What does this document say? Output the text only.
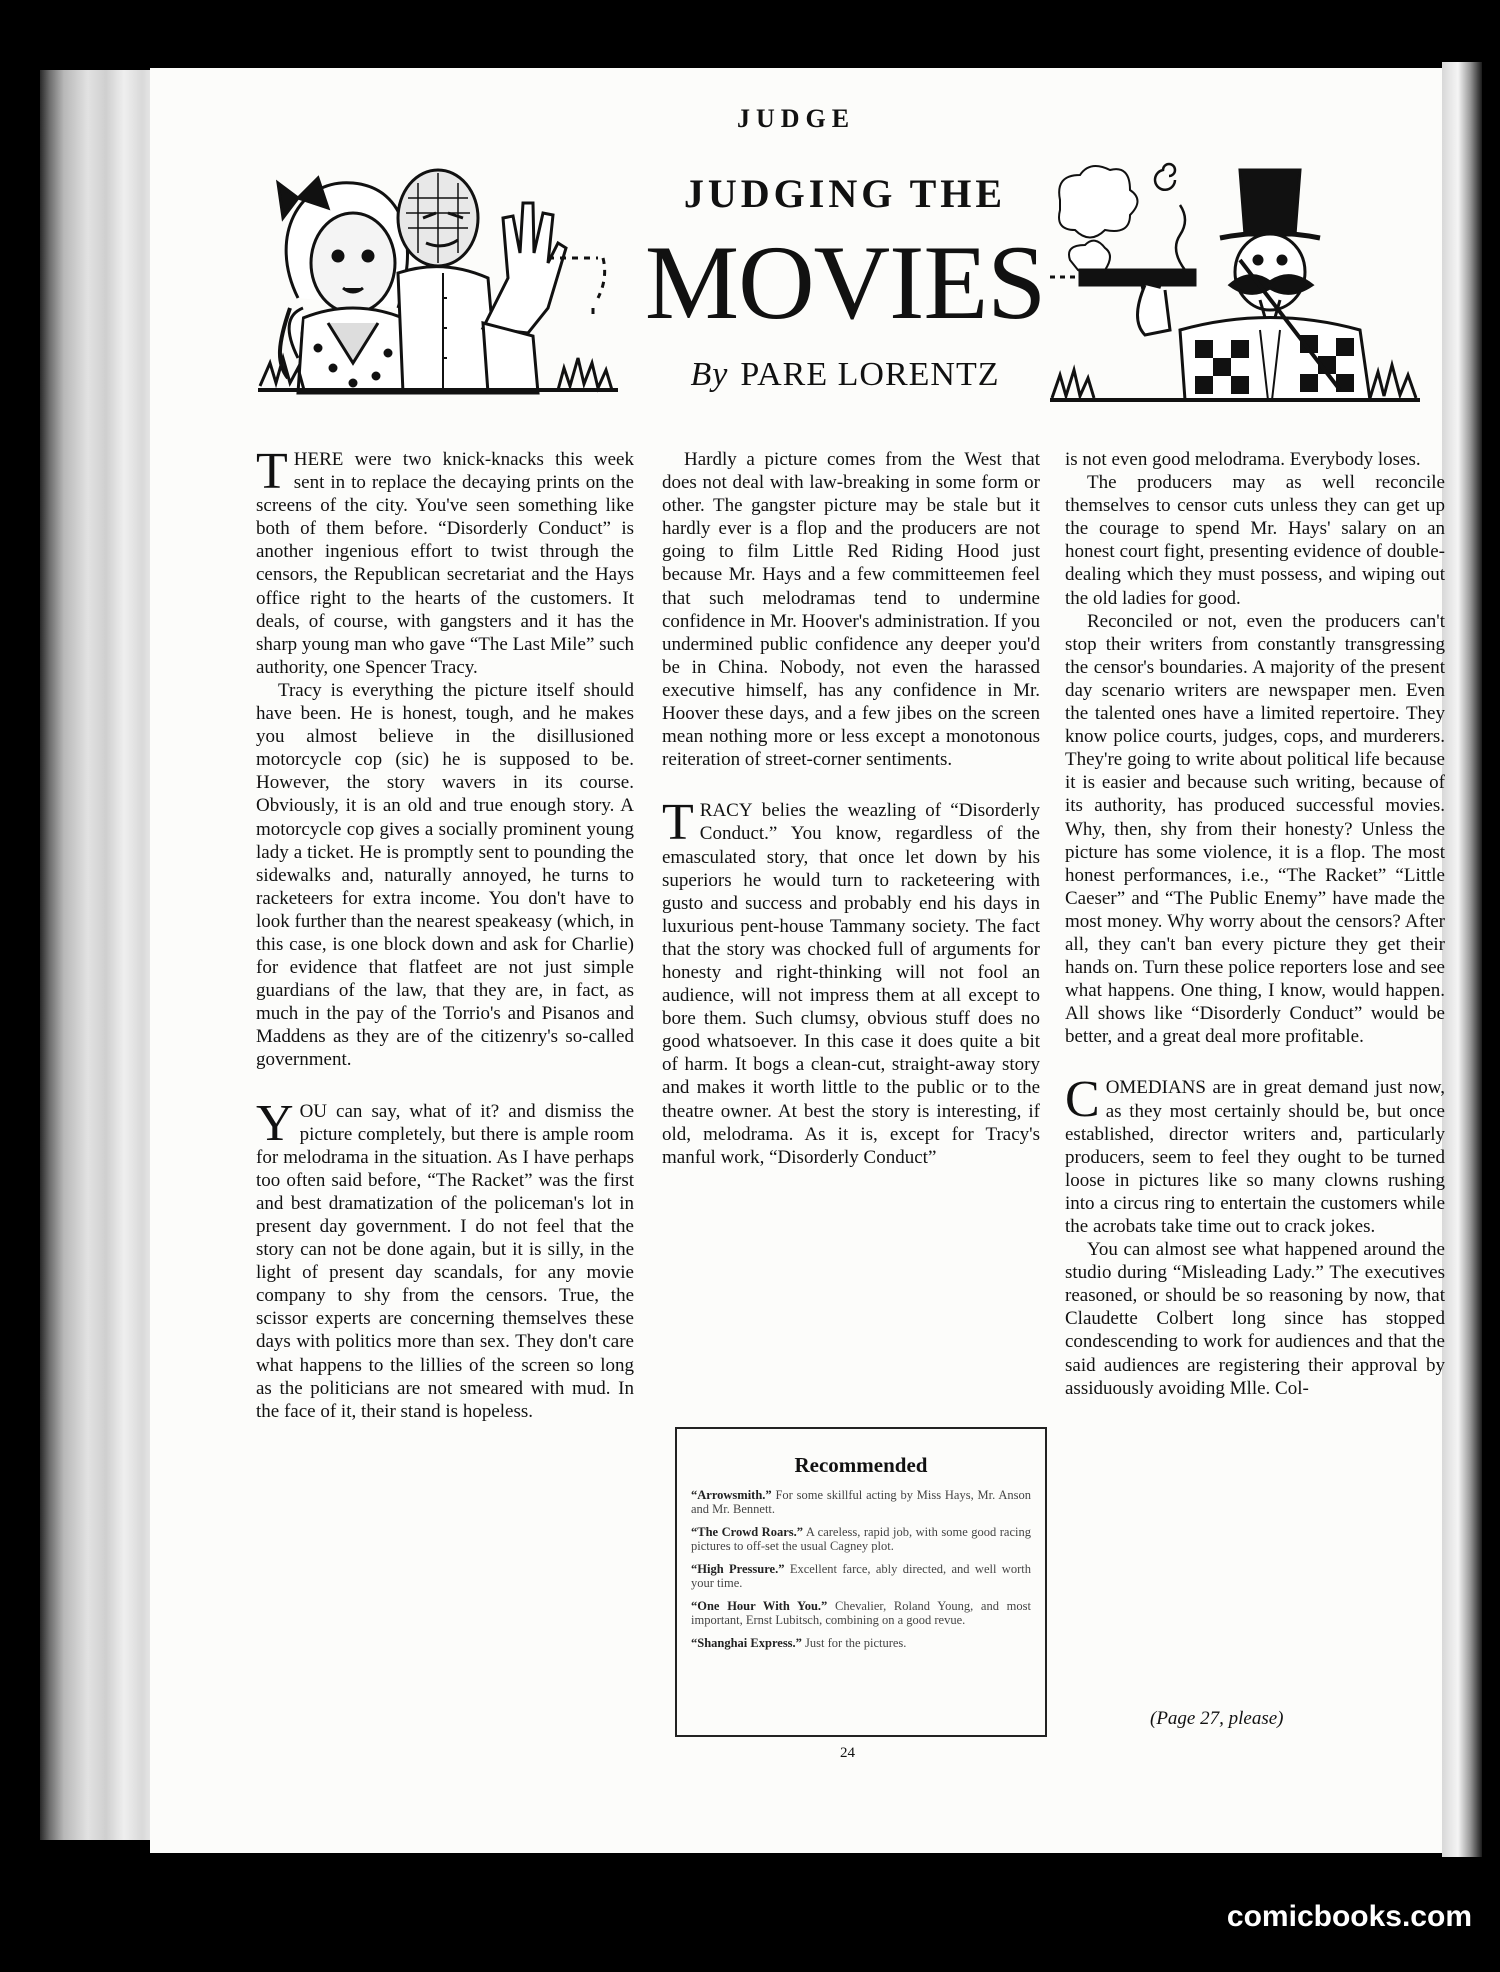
JUDGE
JUDGING THE
MOVIES
By PARE LORENTZ

THERE were two knick-knacks this week sent in to replace the decaying prints on the screens of the city. You've seen something like both of them before. “Disorderly Conduct” is another ingenious effort to twist through the censors, the Republican secretariat and the Hays office right to the hearts of the customers. It deals, of course, with gangsters and it has the sharp young man who gave “The Last Mile” such authority, one Spencer Tracy.

Tracy is everything the picture itself should have been. He is honest, tough, and he makes you almost believe in the disillusioned motorcycle cop (sic) he is supposed to be. However, the story wavers in its course. Obviously, it is an old and true enough story. A motorcycle cop gives a socially prominent young lady a ticket. He is promptly sent to pounding the sidewalks and, naturally annoyed, he turns to racketeers for extra income. You don't have to look further than the nearest speakeasy (which, in this case, is one block down and ask for Charlie) for evidence that flatfeet are not just simple guardians of the law, that they are, in fact, as much in the pay of the Torrio's and Pisanos and Maddens as they are of the citizenry's so-called government.

YOU can say, what of it? and dismiss the picture completely, but there is ample room for melodrama in the situation. As I have perhaps too often said before, “The Racket” was the first and best dramatization of the policeman's lot in present day government. I do not feel that the story can not be done again, but it is silly, in the light of present day scandals, for any movie company to shy from the censors. True, the scissor experts are concerning themselves these days with politics more than sex. They don't care what happens to the lillies of the screen so long as the politicians are not smeared with mud. In the face of it, their stand is hopeless.

Hardly a picture comes from the West that does not deal with law-breaking in some form or other. The gangster picture may be stale but it hardly ever is a flop and the producers are not going to film Little Red Riding Hood just because Mr. Hays and a few committeemen feel that such melodramas tend to undermine confidence in Mr. Hoover's administration. If you undermined public confidence any deeper you'd be in China. Nobody, not even the harassed executive himself, has any confidence in Mr. Hoover these days, and a few jibes on the screen mean nothing more or less except a monotonous reiteration of street-corner sentiments.

TRACY belies the weazling of “Disorderly Conduct.” You know, regardless of the emasculated story, that once let down by his superiors he would turn to racketeering with gusto and success and probably end his days in luxurious pent-house Tammany society. The fact that the story was chocked full of arguments for honesty and right-thinking will not fool an audience, will not impress them at all except to bore them. Such clumsy, obvious stuff does no good whatsoever. In this case it does quite a bit of harm. It bogs a clean-cut, straight-away story and makes it worth little to the public or to the theatre owner. At best the story is interesting, if old, melodrama. As it is, except for Tracy's manful work, “Disorderly Conduct”

Recommended
“Arrowsmith.” For some skillful acting by Miss Hays, Mr. Anson and Mr. Bennett.
“The Crowd Roars.” A careless, rapid job, with some good racing pictures to off-set the usual Cagney plot.
“High Pressure.” Excellent farce, ably directed, and well worth your time.
“One Hour With You.” Chevalier, Roland Young, and most important, Ernst Lubitsch, combining on a good revue.
“Shanghai Express.” Just for the pictures.

is not even good melodrama. Everybody loses.

The producers may as well reconcile themselves to censor cuts unless they can get up the courage to spend Mr. Hays' salary on an honest court fight, presenting evidence of double-dealing which they must possess, and wiping out the old ladies for good.

Reconciled or not, even the producers can't stop their writers from constantly transgressing the censor's boundaries. A majority of the present day scenario writers are newspaper men. Even the talented ones have a limited repertoire. They know police courts, judges, cops, and murderers. They're going to write about political life because it is easier and because such writing, because of its authority, has produced successful movies. Why, then, shy from their honesty? Unless the picture has some violence, it is a flop. The most honest performances, i.e., “The Racket” “Little Caeser” and “The Public Enemy” have made the most money. Why worry about the censors? After all, they can't ban every picture they get their hands on. Turn these police reporters lose and see what happens. One thing, I know, would happen. All shows like “Disorderly Conduct” would be better, and a great deal more profitable.

COMEDIANS are in great demand just now, as they most certainly should be, but once established, director writers and, particularly producers, seem to feel they ought to be turned loose in pictures like so many clowns rushing into a circus ring to entertain the customers while the acrobats take time out to crack jokes.

You can almost see what happened around the studio during “Misleading Lady.” The executives reasoned, or should be so reasoning by now, that Claudette Colbert long since has stopped condescending to work for audiences and that the said audiences are registering their approval by assiduously avoiding Mlle. Col-

(Page 27, please)
24
comicbooks.com
